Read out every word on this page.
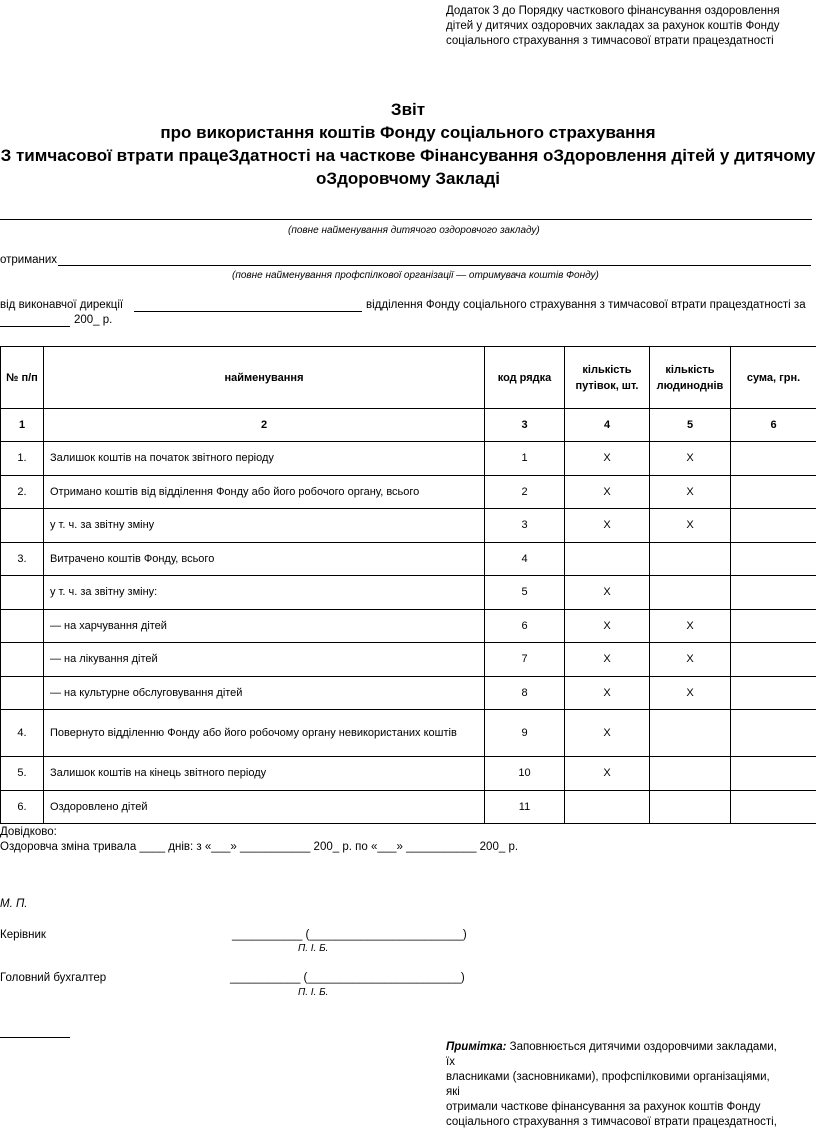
Додаток 3 до Порядку часткового фінансування оздоровлення
дітей у дитячих оздоровчих закладах за рахунок коштів Фонду
соціального страхування з тимчасової втрати працездатності
Звіт
про використання коштів Фонду соціального страхування
З тимчасової втрати працеЗдатності на часткове Фінансування оЗдоровлення дітей у дитячому
оЗдоровчому Закладі
(повне найменування дитячого оздоровчого закладу)
отриманих
(повне найменування профспілкової організації — отримувача коштів Фонду)
від виконавчої дирекції	відділення Фонду соціального страхування з тимчасової втрати працездатності за
200_ р.
№ п/п	найменування	код рядка	кількість путівок, шт.	кількість людиноднів	сума, грн.
1	2	3	4	5	6
1.	Залишок коштів на початок звітного періоду	1	Х	Х	
2.	Отримано коштів від відділення Фонду або його робочого органу, всього	2	Х	Х	
	у т. ч. за звітну зміну	3	Х	Х	
3.	Витрачено коштів Фонду, всього	4			
	у т. ч. за звітну зміну:	5	Х		
	— на харчування дітей	6	Х	Х	
	— на лікування дітей	7	Х	Х	
	— на культурне обслуговування дітей	8	Х	Х	
4.	Повернуто відділенню Фонду або його робочому органу невикористаних коштів	9	Х		
5.	Залишок коштів на кінець звітного періоду	10	Х		
6.	Оздоровлено дітей	11			
Довідково:
Оздоровча зміна тривала ____ днів: з «___» ___________ 200_ р. по «___» ___________ 200_ р.
М. П.
Керівник	___________ (________________________)
П. І. Б.
Головний бухгалтер	___________ (________________________)
П. І. Б.
Примітка: Заповнюється дитячими оздоровчими закладами, їх
власниками (засновниками), профспілковими організаціями, які
отримали часткове фінансування за рахунок коштів Фонду
соціального страхування з тимчасової втрати працездатності,
